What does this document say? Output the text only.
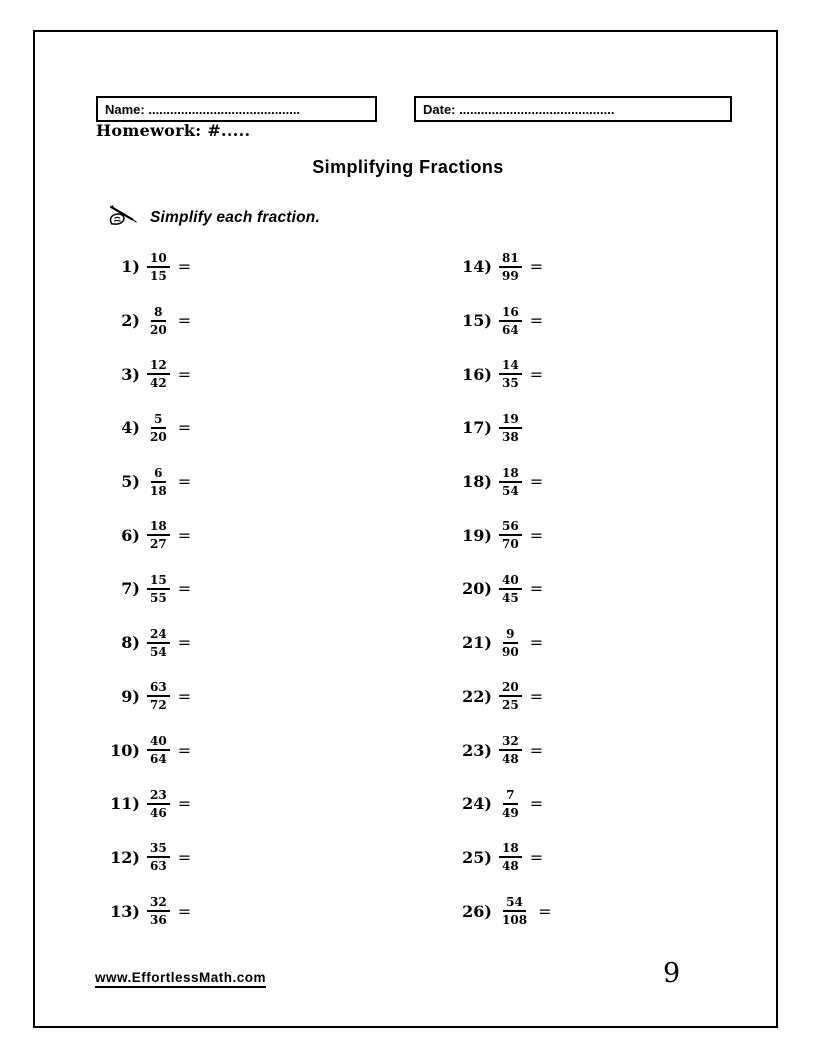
Name: ..........................................	Date: ...........................................
Homework: #.....
Simplifying Fractions
Simplify each fraction.
$1) \frac{10}{15}$ =
$2) \frac{8}{20}$ =
$3) \frac{12}{42}$ =
$4) \frac{5}{20}$ =
$5) \frac{6}{18}$ =
$6) \frac{18}{27}$ =
$7) \frac{15}{55}$ =
$8) \frac{24}{54}$ =
$9) \frac{63}{72}$ =
$10) \frac{40}{64}$ =
$11) \frac{23}{46}$ =
$12) \frac{35}{63}$ =
$13) \frac{32}{36}$ =
$14) \frac{81}{99}$ =
$15) \frac{16}{64}$ =
$16) \frac{14}{35}$ =
$17) \frac{19}{38}$
$18) \frac{18}{54}$ =
$19) \frac{56}{70}$ =
$20) \frac{40}{45}$ =
$21) \frac{9}{90}$ =
$22) \frac{20}{25}$ =
$23) \frac{32}{48}$ =
$24) \frac{7}{49}$ =
$25) \frac{18}{48}$ =
$26) \frac{54}{108}$ =
www.EffortlessMath.com	9
